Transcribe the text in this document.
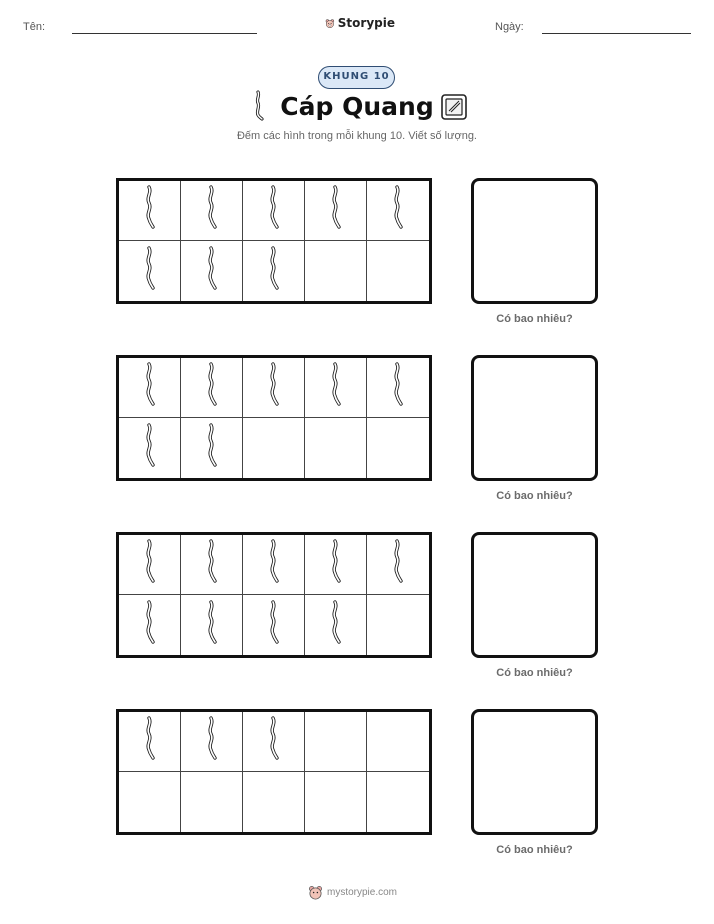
Tên:	Storypie	Ngày:
KHUNG 10
Cáp Quang
Đếm các hình trong mỗi khung 10. Viết số lượng.
Có bao nhiêu?
Có bao nhiêu?
Có bao nhiêu?
Có bao nhiêu?
mystorypie.com
